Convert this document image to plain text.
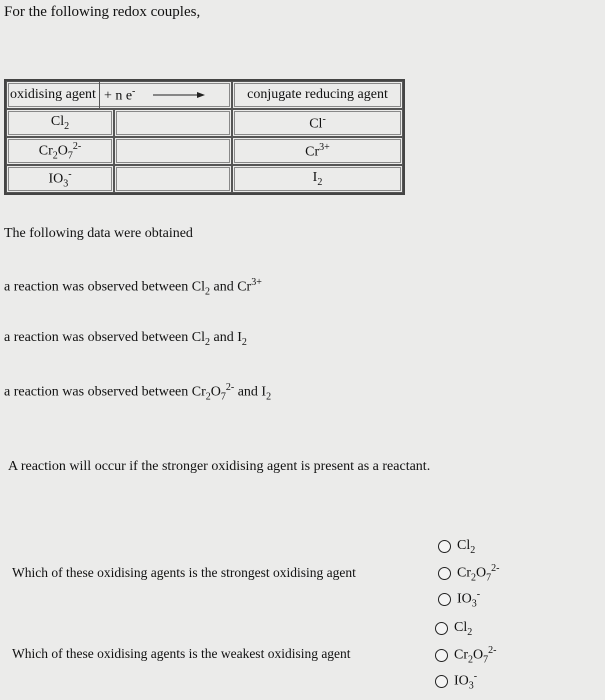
For the following redox couples,
oxidising agent + n e-		conjugate reducing agent
$Cl_2$		Cl-
$Cr_2O_7^{2-}$		$Cr^{3+}$
$IO_3^-$		$I_2$
The following data were obtained
a reaction was observed between $Cl_2$ and $Cr^{3+}$
a reaction was observed between $Cl_2$ and $I_2$
a reaction was observed between $Cr_2O_7^{2-}$ and $I_2$
A reaction will occur if the stronger oxidising agent is present as a reactant.
$Cl_2$
Which of these oxidising agents is the strongest oxidising agent	$Cr_2O_7^{2-}$
$IO_3^-$
$Cl_2$
Which of these oxidising agents is the weakest oxidising agent	$Cr_2O_7^{2-}$
$IO_3^-$
